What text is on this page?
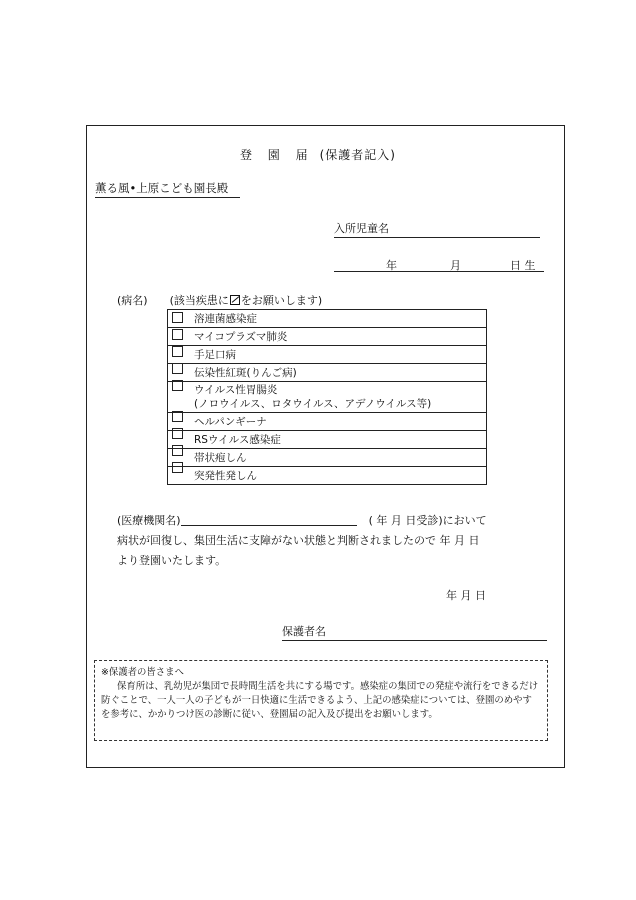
登 園 届 (保護者記入)
薫る風•上原こども園長殿
入所児童名
年	月	日 生
(病名) (該当疾患に をお願いします)
溶連菌感染症
マイコプラズマ肺炎
手足口病
伝染性紅斑(りんご病)

ウイルス性胃腸炎
(ノロウイルス、ロタウイルス、アデノウイルス等)

ヘルパンギーナ
RSウイルス感染症
帯状疱しん
突発性発しん
(医療機関名)	( 年 月 日受診)において
病状が回復し、集団生活に支障がない状態と判断されましたので 年 月 日
より登園いたします。
年 月 日
保護者名
※保護者の皆さまへ

保育所は、乳幼児が集団で長時間生活を共にする場です。感染症の集団での発症や流行をできるだけ防ぐことで、一人一人の子どもが一日快適に生活できるよう、上記の感染症については、登園のめやすを参考に、かかりつけ医の診断に従い、登園届の記入及び提出をお願いします。
